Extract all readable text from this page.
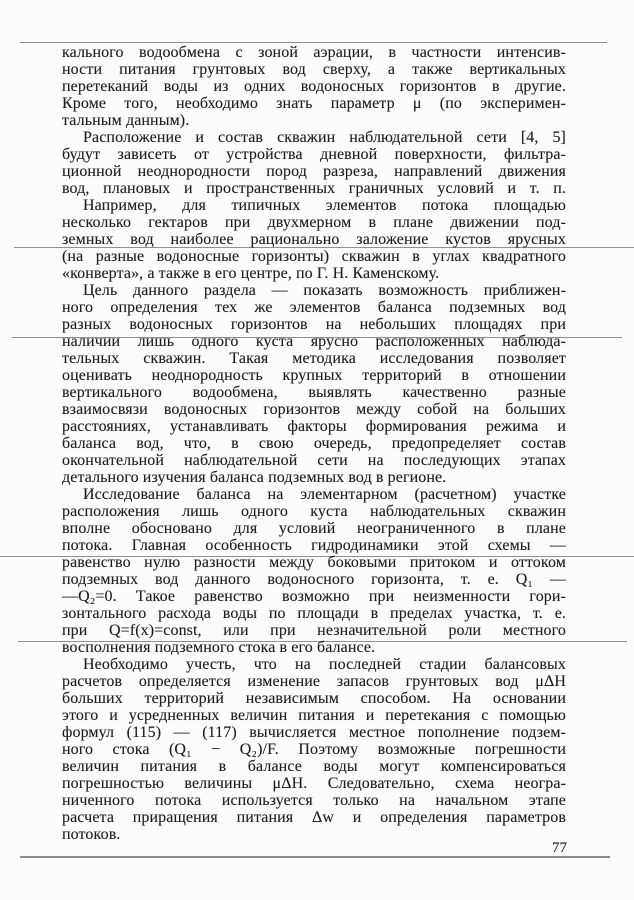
кального водообмена с зоной аэрации, в частности интенсив-
ности питания грунтовых вод сверху, а также вертикальных
перетеканий воды из одних водоносных горизонтов в другие.
Кроме того, необходимо знать параметр μ (по эксперимен-
тальным данным).
Расположение и состав скважин наблюдательной сети [4, 5]
будут зависеть от устройства дневной поверхности, фильтра-
ционной неоднородности пород разреза, направлений движения
вод, плановых и пространственных граничных условий и т. п.
Например, для типичных элементов потока площадью
несколько гектаров при двухмерном в плане движении под-
земных вод наиболее рационально заложение кустов ярусных
(на разные водоносные горизонты) скважин в углах квадратного
«конверта», а также в его центре, по Г. Н. Каменскому.
Цель данного раздела — показать возможность приближен-
ного определения тех же элементов баланса подземных вод
разных водоносных горизонтов на небольших площадях при
наличии лишь одного куста ярусно расположенных наблюда-
тельных скважин. Такая методика исследования позволяет
оценивать неоднородность крупных территорий в отношении
вертикального водообмена, выявлять качественно разные
взаимосвязи водоносных горизонтов между собой на больших
расстояниях, устанавливать факторы формирования режима и
баланса вод, что, в свою очередь, предопределяет состав
окончательной наблюдательной сети на последующих этапах
детального изучения баланса подземных вод в регионе.
Исследование баланса на элементарном (расчетном) участке
расположения лишь одного куста наблюдательных скважин
вполне обосновано для условий неограниченного в плане
потока. Главная особенность гидродинамики этой схемы —
равенство нулю разности между боковыми притоком и оттоком
подземных вод данного водоносного горизонта, т. е. Q₁ —
—Q₂=0. Такое равенство возможно при неизменности гори-
зонтального расхода воды по площади в пределах участка, т. е.
при Q=f(x)=const, или при незначительной роли местного
восполнения подземного стока в его балансе.
Необходимо учесть, что на последней стадии балансовых
расчетов определяется изменение запасов грунтовых вод μΔH
больших территорий независимым способом. На основании
этого и усредненных величин питания и перетекания с помощью
формул (115) — (117) вычисляется местное пополнение подзем-
ного стока (Q₁ − Q₂)/F. Поэтому возможные погрешности
величин питания в балансе воды могут компенсироваться
погрешностью величины μΔH. Следовательно, схема неогра-
ниченного потока используется только на начальном этапе
расчета приращения питания Δw и определения параметров
потоков.
77
